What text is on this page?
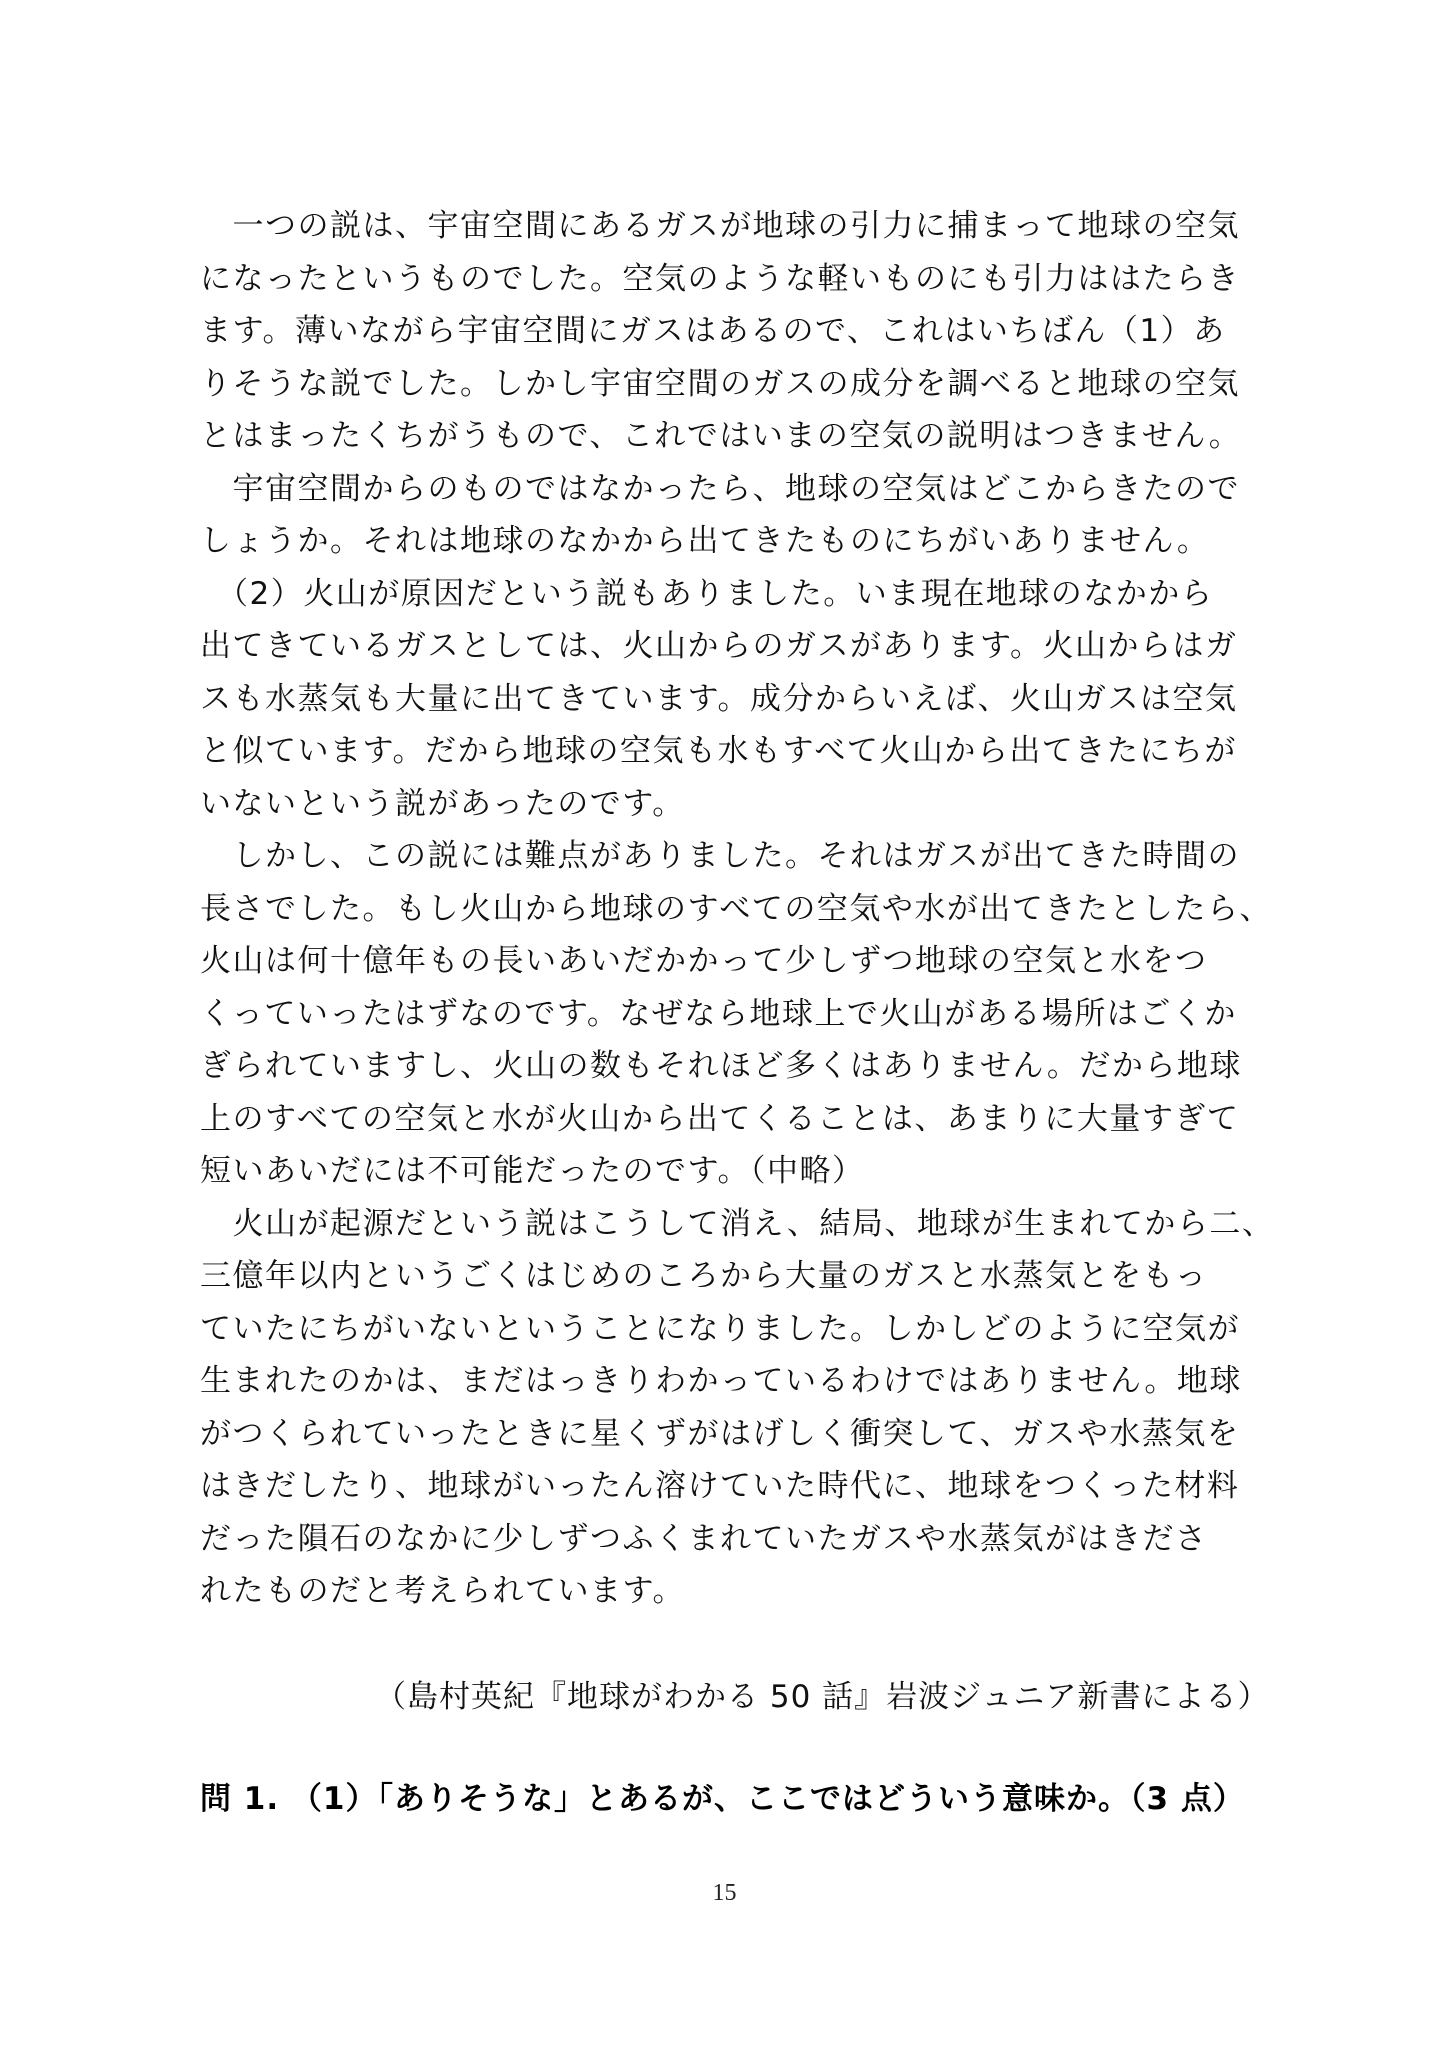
　一つの説は、宇宙空間にあるガスが地球の引力に捕まって地球の空気
になったというものでした。空気のような軽いものにも引力ははたらき
ます。薄いながら宇宙空間にガスはあるので、これはいちばん（1）あ
りそうな説でした。しかし宇宙空間のガスの成分を調べると地球の空気
とはまったくちがうもので、これではいまの空気の説明はつきません。
　宇宙空間からのものではなかったら、地球の空気はどこからきたので
しょうか。それは地球のなかから出てきたものにちがいありません。
　（2）火山が原因だという説もありました。いま現在地球のなかから
出てきているガスとしては、火山からのガスがあります。火山からはガ
スも水蒸気も大量に出てきています。成分からいえば、火山ガスは空気
と似ています。だから地球の空気も水もすべて火山から出てきたにちが
いないという説があったのです。
　しかし、この説には難点がありました。それはガスが出てきた時間の
長さでした。もし火山から地球のすべての空気や水が出てきたとしたら、
火山は何十億年もの長いあいだかかって少しずつ地球の空気と水をつ
くっていったはずなのです。なぜなら地球上で火山がある場所はごくか
ぎられていますし、火山の数もそれほど多くはありません。だから地球
上のすべての空気と水が火山から出てくることは、あまりに大量すぎて
短いあいだには不可能だったのです。（中略）
　火山が起源だという説はこうして消え、結局、地球が生まれてから二、
三億年以内というごくはじめのころから大量のガスと水蒸気とをもっ
ていたにちがいないということになりました。しかしどのように空気が
生まれたのかは、まだはっきりわかっているわけではありません。地球
がつくられていったときに星くずがはげしく衝突して、ガスや水蒸気を
はきだしたり、地球がいったん溶けていた時代に、地球をつくった材料
だった隕石のなかに少しずつふくまれていたガスや水蒸気がはきださ
れたものだと考えられています。
（島村英紀『地球がわかる 50 話』岩波ジュニア新書による）
問 1. （1）「ありそうな」とあるが、ここではどういう意味か。（3 点）
15
